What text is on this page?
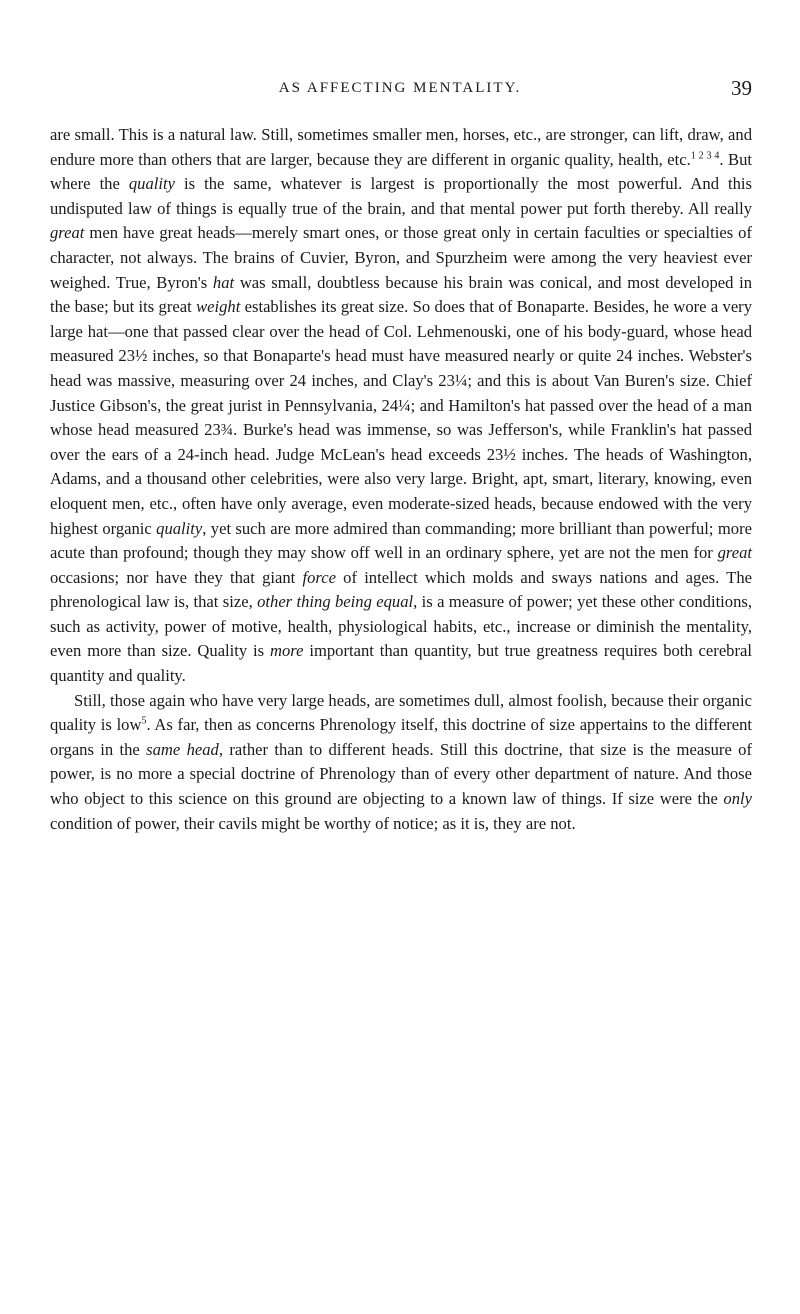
AS AFFECTING MENTALITY.	39

are small. This is a natural law. Still, sometimes smaller men, horses, etc., are stronger, can lift, draw, and endure more than others that are larger, because they are different in organic quality, health, etc.$^{1 2 3 4}$. But where the quality is the same, whatever is largest is proportionally the most powerful. And this undisputed law of things is equally true of the brain, and that mental power put forth thereby. All really great men have great heads—merely smart ones, or those great only in certain faculties or specialties of character, not always. The brains of Cuvier, Byron, and Spurzheim were among the very heaviest ever weighed. True, Byron's hat was small, doubtless because his brain was conical, and most developed in the base; but its great weight establishes its great size. So does that of Bonaparte. Besides, he wore a very large hat—one that passed clear over the head of Col. Lehmenouski, one of his body-guard, whose head measured 23½ inches, so that Bonaparte's head must have measured nearly or quite 24 inches. Webster's head was massive, measuring over 24 inches, and Clay's 23¼; and this is about Van Buren's size. Chief Justice Gibson's, the great jurist in Pennsylvania, 24¼; and Hamilton's hat passed over the head of a man whose head measured 23¾. Burke's head was immense, so was Jefferson's, while Franklin's hat passed over the ears of a 24-inch head. Judge McLean's head exceeds 23½ inches. The heads of Washington, Adams, and a thousand other celebrities, were also very large. Bright, apt, smart, literary, knowing, even eloquent men, etc., often have only average, even moderate-sized heads, because endowed with the very highest organic quality, yet such are more admired than commanding; more brilliant than powerful; more acute than profound; though they may show off well in an ordinary sphere, yet are not the men for great occasions; nor have they that giant force of intellect which molds and sways nations and ages. The phrenological law is, that size, other thing being equal, is a measure of power; yet these other conditions, such as activity, power of motive, health, physiological habits, etc., increase or diminish the mentality, even more than size. Quality is more important than quantity, but true greatness requires both cerebral quantity and quality.

Still, those again who have very large heads, are sometimes dull, almost foolish, because their organic quality is low$^5$. As far, then as concerns Phrenology itself, this doctrine of size appertains to the different organs in the same head, rather than to different heads. Still this doctrine, that size is the measure of power, is no more a special doctrine of Phrenology than of every other department of nature. And those who object to this science on this ground are objecting to a known law of things. If size were the only condition of power, their cavils might be worthy of notice; as it is, they are not.
